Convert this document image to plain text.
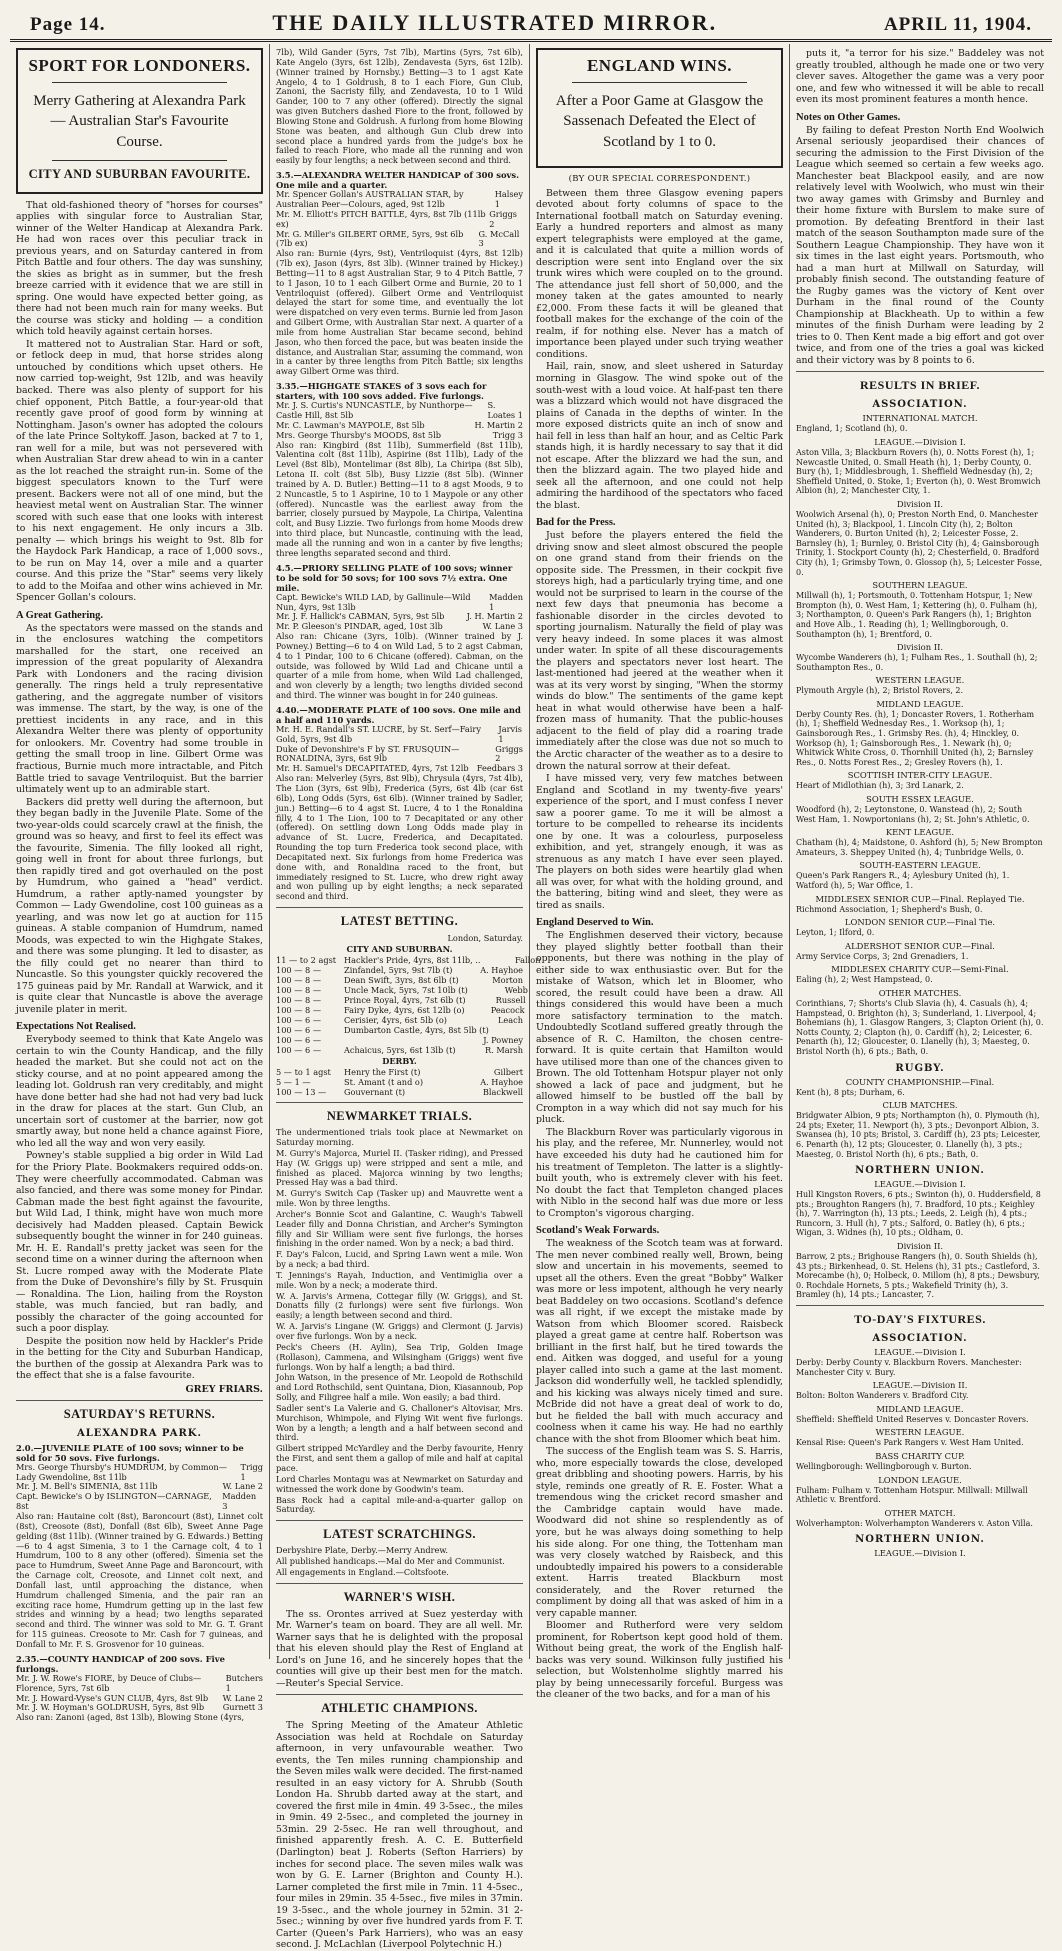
Page 14.	THE DAILY ILLUSTRATED MIRROR.	APRIL 11, 1904.
SPORT FOR LONDONERS.
Merry Gathering at Alexandra Park — Australian Star's Favourite Course.
CITY AND SUBURBAN FAVOURITE.

That old-fashioned theory of "horses for courses" applies with singular force to Australian Star, winner of the Welter Handicap at Alexandra Park. He had won races over this peculiar track in previous years, and on Saturday cantered in from Pitch Battle and four others. The day was sunshiny, the skies as bright as in summer, but the fresh breeze carried with it evidence that we are still in spring. One would have expected better going, as there had not been much rain for many weeks. But the course was sticky and holding — a condition which told heavily against certain horses.

It mattered not to Australian Star. Hard or soft, or fetlock deep in mud, that horse strides along untouched by conditions which upset others. He now carried top-weight, 9st 12lb, and was heavily backed. There was also plenty of support for his chief opponent, Pitch Battle, a four-year-old that recently gave proof of good form by winning at Nottingham. Jason's owner has adopted the colours of the late Prince Soltykoff. Jason, backed at 7 to 1, ran well for a mile, but was not persevered with when Australian Star drew ahead to win in a canter as the lot reached the straight run-in. Some of the biggest speculators known to the Turf were present. Backers were not all of one mind, but the heaviest metal went on Australian Star. The winner scored with such ease that one looks with interest to his next engagement. He only incurs a 3lb. penalty — which brings his weight to 9st. 8lb for the Haydock Park Handicap, a race of 1,000 sovs., to be run on May 14, over a mile and a quarter course. And this prize the "Star" seems very likely to add to the Moifaa and other wins achieved in Mr. Spencer Gollan's colours.

A Great Gathering.

As the spectators were massed on the stands and in the enclosures watching the competitors marshalled for the start, one received an impression of the great popularity of Alexandra Park with Londoners and the racing division generally. The rings held a truly representative gathering, and the aggregate number of visitors was immense. The start, by the way, is one of the prettiest incidents in any race, and in this Alexandra Welter there was plenty of opportunity for onlookers. Mr. Coventry had some trouble in getting the small troop in line. Gilbert Orme was fractious, Burnie much more intractable, and Pitch Battle tried to savage Ventriloquist. But the barrier ultimately went up to an admirable start.

Backers did pretty well during the afternoon, but they began badly in the Juvenile Plate. Some of the two-year-olds could scarcely crawl at the finish, the ground was so heavy, and first to feel its effect was the favourite, Simenia. The filly looked all right, going well in front for about three furlongs, but then rapidly tired and got overhauled on the post by Humdrum, who gained a "head" verdict. Humdrum, a rather aptly-named youngster by Common — Lady Gwendoline, cost 100 guineas as a yearling, and was now let go at auction for 115 guineas. A stable companion of Humdrum, named Moods, was expected to win the Highgate Stakes, and there was some plunging. It led to disaster, as the filly could get no nearer than third to Nuncastle. So this youngster quickly recovered the 175 guineas paid by Mr. Randall at Warwick, and it is quite clear that Nuncastle is above the average juvenile plater in merit.

Expectations Not Realised.

Everybody seemed to think that Kate Angelo was certain to win the County Handicap, and the filly headed the market. But she could not act on the sticky course, and at no point appeared among the leading lot. Goldrush ran very creditably, and might have done better had she had not had very bad luck in the draw for places at the start. Gun Club, an uncertain sort of customer at the barrier, now got smartly away, but none held a chance against Fiore, who led all the way and won very easily.

Powney's stable supplied a big order in Wild Lad for the Priory Plate. Bookmakers required odds-on. They were cheerfully accommodated. Cabman was also fancied, and there was some money for Pindar. Cabman made the best fight against the favourite, but Wild Lad, I think, might have won much more decisively had Madden pleased. Captain Bewick subsequently bought the winner in for 240 guineas. Mr. H. E. Randall's pretty jacket was seen for the second time on a winner during the afternoon when St. Lucre romped away with the Moderate Plate from the Duke of Devonshire's filly by St. Frusquin — Ronaldina. The Lion, hailing from the Royston stable, was much fancied, but ran badly, and possibly the character of the going accounted for such a poor display.

Despite the position now held by Hackler's Pride in the betting for the City and Suburban Handicap, the burthen of the gossip at Alexandra Park was to the effect that she is a false favourite.

GREY FRIARS.

SATURDAY'S RETURNS.
ALEXANDRA PARK.
2.0.—JUVENILE PLATE of 100 sovs; winner to be sold for 50 sovs. Five furlongs.
Mrs. George Thursby's HUMDRUM, by Common—Lady Gwendoline, 8st 11lb
Trigg 1
Mr. J. M. Bell's SIMENIA, 8st 11lb	W. Lane 2
Capt. Bewicke's O by ISLINGTON—CARNAGE, 8st
Madden 3

Also ran: Hautaine colt (8st), Baroncourt (8st), Linnet colt (8st), Creosote (8st), Donfall (8st 6lb), Sweet Anne Page gelding (8st 11lb). (Winner trained by G. Edwards.) Betting—6 to 4 agst Simenia, 3 to 1 the Carnage colt, 4 to 1 Humdrum, 100 to 8 any other (offered). Simenia set the pace to Humdrum, Sweet Anne Page and Baroncourt, with the Carnage colt, Creosote, and Linnet colt next, and Donfall last, until approaching the distance, when Humdrum challenged Simenia, and the pair ran an exciting race home, Humdrum getting up in the last few strides and winning by a head; two lengths separated second and third. The winner was sold to Mr. G. T. Grant for 115 guineas. Creosote to Mr. Cash for 7 guineas, and Donfall to Mr. F. S. Grosvenor for 10 guineas.

2.35.—COUNTY HANDICAP of 200 sovs. Five furlongs.
Mr. J. W. Rowe's FIORE, by Deuce of Clubs—Florence, 5yrs, 7st 6lb
Butchers 1
Mr. J. Howard-Vyse's GUN CLUB, 4yrs, 8st 9lb W. Lane 2
Mr. J. W. Hoyman's GOLDRUSH, 5yrs, 8st 9lb Gurnett 3

Also ran: Zanoni (aged, 8st 13lb), Blowing Stone (4yrs,

7lb), Wild Gander (5yrs, 7st 7lb), Martins (5yrs, 7st 6lb), Kate Angelo (3yrs, 6st 12lb), Zendavesta (5yrs, 6st 12lb). (Winner trained by Hornsby.) Betting—3 to 1 agst Kate Angelo, 4 to 1 Goldrush, 8 to 1 each Fiore, Gun Club, Zanoni, the Sacristy filly, and Zendavesta, 10 to 1 Wild Gander, 100 to 7 any other (offered). Directly the signal was given Butchers dashed Fiore to the front, followed by Blowing Stone and Goldrush. A furlong from home Blowing Stone was beaten, and although Gun Club drew into second place a hundred yards from the judge's box he failed to reach Fiore, who made all the running and won easily by four lengths; a neck between second and third.

3.5.—ALEXANDRA WELTER HANDICAP of 300 sovs. One mile and a quarter.
Mr. Spencer Gollan's AUSTRALIAN STAR, by Australian Peer—Colours, aged, 9st 12lb
Halsey 1
Mr. M. Elliott's PITCH BATTLE, 4yrs, 8st 7lb (11lb ex)
Griggs 2
Mr. G. Miller's GILBERT ORME, 5yrs, 9st 6lb (7lb ex)
G. McCall 3

Also ran: Burnie (4yrs, 9st), Ventriloquist (4yrs, 8st 12lb) (7lb ex), Jason (4yrs, 8st 3lb). (Winner trained by Hickey.) Betting—11 to 8 agst Australian Star, 9 to 4 Pitch Battle, 7 to 1 Jason, 10 to 1 each Gilbert Orme and Burnie, 20 to 1 Ventriloquist (offered). Gilbert Orme and Ventriloquist delayed the start for some time, and eventually the lot were dispatched on very even terms. Burnie led from Jason and Gilbert Orme, with Australian Star next. A quarter of a mile from home Australian Star became second, behind Jason, who then forced the pace, but was beaten inside the distance, and Australian Star, assuming the command, won in a canter by three lengths from Pitch Battle; six lengths away Gilbert Orme was third.

3.35.—HIGHGATE STAKES of 3 sovs each for starters, with 100 sovs added. Five furlongs.
Mr. J. S. Curtis's NUNCASTLE, by Nunthorpe—Castle Hill, 8st 5lb
S. Loates 1
Mr. C. Lawman's MAYPOLE, 8st 5lb	H. Martin 2
Mrs. George Thursby's MOODS, 8st 5lb	Trigg 3

Also ran: Kingbird (8st 11lb), Summerfield (8st 11lb), Valentina colt (8st 11lb), Aspirine (8st 11lb), Lady of the Level (8st 8lb), Montelimar (8st 8lb), La Chiripa (8st 5lb), Letona II. colt (8st 5lb), Busy Lizzie (8st 5lb). (Winner trained by A. D. Butler.) Betting—11 to 8 agst Moods, 9 to 2 Nuncastle, 5 to 1 Aspirine, 10 to 1 Maypole or any other (offered). Nuncastle was the earliest away from the barrier, closely pursued by Maypole, La Chiripa, Valentina colt, and Busy Lizzie. Two furlongs from home Moods drew into third place, but Nuncastle, continuing with the lead, made all the running and won in a canter by five lengths; three lengths separated second and third.

4.5.—PRIORY SELLING PLATE of 100 sovs; winner to be sold for 50 sovs; for 100 sovs 7½ extra. One mile.
Capt. Bewicke's WILD LAD, by Gallinule—Wild Nun, 4yrs, 9st 13lb
Madden 1
Mr. J. F. Hallick's CABMAN, 5yrs, 9st 5lb	J. H. Martin 2
Mr. P. Gleeson's PINDAR, aged, 10st 3lb	W. Lane 3

Also ran: Chicane (3yrs, 10lb). (Winner trained by J. Powney.) Betting—6 to 4 on Wild Lad, 5 to 2 agst Cabman, 4 to 1 Pindar, 100 to 6 Chicane (offered). Cabman, on the outside, was followed by Wild Lad and Chicane until a quarter of a mile from home, when Wild Lad challenged, and won cleverly by a length; two lengths divided second and third. The winner was bought in for 240 guineas.

4.40.—MODERATE PLATE of 100 sovs. One mile and a half and 110 yards.
Mr. H. E. Randall's ST. LUCRE, by St. Serf—Fairy Gold, 5yrs, 9st 4lb
Jarvis 1
Duke of Devonshire's F by ST. FRUSQUIN—RONALDINA, 3yrs, 6st 9lb
Griggs 2
Mr. H. Samuel's DECAPITATED, 4yrs, 7st 12lb Feedbars 3

Also ran: Melverley (5yrs, 8st 9lb), Chrysula (4yrs, 7st 4lb), The Lion (3yrs, 6st 9lb), Frederica (5yrs, 6st 4lb (car 6st 6lb), Long Odds (5yrs, 6st 6lb). (Winner trained by Sadler, jun.) Betting—6 to 4 agst St. Lucre, 4 to 1 the Ronaldina filly, 4 to 1 The Lion, 100 to 7 Decapitated or any other (offered). On settling down Long Odds made play in advance of St. Lucre, Frederica, and Decapitated. Rounding the top turn Frederica took second place, with Decapitated next. Six furlongs from home Frederica was done with, and Ronaldina raced to the front, but immediately resigned to St. Lucre, who drew right away and won pulling up by eight lengths; a neck separated second and third.

LATEST BETTING.
London, Saturday.
CITY AND SUBURBAN.
11 — to 2 agst Hackler's Pride, 4yrs, 8st 11lb, ..	Fallon
100 — 8 —	Zinfandel, 5yrs, 9st 7lb (t)	A. Hayhoe
100 — 8 —	Dean Swift, 3yrs, 8st 6lb (t)	Morton
100 — 8 —	Uncle Mack, 5yrs, 7st 10lb (t)	Webb
100 — 8 —	Prince Royal, 4yrs, 7st 6lb (t)	Russell
100 — 8 —	Fairy Dyke, 4yrs, 6st 12lb (o)	Peacock
100 — 6 —	Cerisier, 4yrs, 6st 5lb (o)	Leach
100 — 6 —	Dumbarton Castle, 4yrs, 8st 5lb (t)
100 — 6 —	J. Powney
100 — 6 —	Achaicus, 5yrs, 6st 13lb (t)	R. Marsh
DERBY.
5 — to 1 agst	Henry the First (t)	Gilbert
5 — 1 —	St. Amant (t and o)	A. Hayhoe
100 — 13 —	Gouvernant (t)	Blackwell
NEWMARKET TRIALS.

The undermentioned trials took place at Newmarket on Saturday morning.

M. Gurry's Majorca, Muriel II. (Tasker riding), and Pressed Hay (W. Griggs up) were stripped and sent a mile, and finished as placed. Majorca winning by two lengths; Pressed Hay was a bad third.

M. Gurry's Switch Cap (Tasker up) and Mauvrette went a mile. Won by three lengths.

Archer's Bonnie Scot and Galantine, C. Waugh's Tabwell Leader filly and Donna Christian, and Archer's Symington filly and Sir William were sent five furlongs, the horses finishing in the order named. Won by a neck; a bad third.

F. Day's Falcon, Lucid, and Spring Lawn went a mile. Won by a neck; a bad third.

T. Jennings's Rayah, Induction, and Ventimiglia over a mile. Won by a neck; a moderate third.

W. A. Jarvis's Armena, Cottegar filly (W. Griggs), and St. Donatts filly (2 furlongs) were sent five furlongs. Won easily; a length between second and third.

W. A. Jarvis's Lingane (W. Griggs) and Clermont (J. Jarvis) over five furlongs. Won by a neck.

Peck's Cheers (H. Aylin), Sea Trip, Golden Image (Rollason), Cammena, and Wilsingham (Griggs) went five furlongs. Won by half a length; a bad third.

John Watson, in the presence of Mr. Leopold de Rothschild and Lord Rothschild, sent Quintana, Dion, Kiasannoub, Pop Solly, and Filigree half a mile. Won easily; a bad third.

Sadler sent's La Valerie and G. Challoner's Altovisar, Mrs. Murchison, Whimpole, and Flying Wit went five furlongs. Won by a length; a length and a half between second and third.

Gilbert stripped McYardley and the Derby favourite, Henry the First, and sent them a gallop of mile and half at capital pace.

Lord Charles Montagu was at Newmarket on Saturday and witnessed the work done by Goodwin's team.

Bass Rock had a capital mile-and-a-quarter gallop on Saturday.

LATEST SCRATCHINGS.

Derbyshire Plate, Derby.—Merry Andrew.

All published handicaps.—Mal do Mer and Communist.

All engagements in England.—Coltsfoote.

WARNER'S WISH.

The ss. Orontes arrived at Suez yesterday with Mr. Warner's team on board. They are all well. Mr. Warner says that he is delighted with the proposal that his eleven should play the Rest of England at Lord's on June 16, and he sincerely hopes that the counties will give up their best men for the match.—Reuter's Special Service.

ATHLETIC CHAMPIONS.

The Spring Meeting of the Amateur Athletic Association was held at Rochdale on Saturday afternoon, in very unfavourable weather. Two events, the Ten miles running championship and the Seven miles walk were decided. The first-named resulted in an easy victory for A. Shrubb (South London Ha. Shrubb darted away at the start, and covered the first mile in 4min. 49 3-5sec., the miles in 9min. 49 2-5sec., and completed the journey in 53min. 29 2-5sec. He ran well throughout, and finished apparently fresh. A. C. E. Butterfield (Darlington) beat J. Roberts (Sefton Harriers) by inches for second place. The seven miles walk was won by G. E. Larner (Brighton and County H.). Larner completed the first mile in 7min. 11 4-5sec., four miles in 29min. 35 4-5sec., five miles in 37min. 19 3-5sec., and the whole journey in 52min. 31 2-5sec.; winning by over five hundred yards from F. T. Carter (Queen's Park Harriers), who was an easy second. J. McLachlan (Liverpool Polytechnic H.)

ENGLAND WINS.
After a Poor Game at Glasgow the Sassenach Defeated the Elect of Scotland by 1 to 0.

(BY OUR SPECIAL CORRESPONDENT.)

Between them three Glasgow evening papers devoted about forty columns of space to the International football match on Saturday evening. Early a hundred reporters and almost as many expert telegraphists were employed at the game, and it is calculated that quite a million words of description were sent into England over the six trunk wires which were coupled on to the ground. The attendance just fell short of 50,000, and the money taken at the gates amounted to nearly £2,000. From these facts it will be gleaned that football makes for the exchange of the coin of the realm, if for nothing else. Never has a match of importance been played under such trying weather conditions.

Hail, rain, snow, and sleet ushered in Saturday morning in Glasgow. The wind spoke out of the south-west with a loud voice. At half-past ten there was a blizzard which would not have disgraced the plains of Canada in the depths of winter. In the more exposed districts quite an inch of snow and hail fell in less than half an hour, and as Celtic Park stands high, it is hardly necessary to say that it did not escape. After the blizzard we had the sun, and then the blizzard again. The two played hide and seek all the afternoon, and one could not help admiring the hardihood of the spectators who faced the blast.

Bad for the Press.

Just before the players entered the field the driving snow and sleet almost obscured the people on one grand stand from their friends on the opposite side. The Pressmen, in their cockpit five storeys high, had a particularly trying time, and one would not be surprised to learn in the course of the next few days that pneumonia has become a fashionable disorder in the circles devoted to sporting journalism. Naturally the field of play was very heavy indeed. In some places it was almost under water. In spite of all these discouragements the players and spectators never lost heart. The last-mentioned had jeered at the weather when it was at its very worst by singing, "When the stormy winds do blow." The sentiments of the game kept heat in what would otherwise have been a half-frozen mass of humanity. That the public-houses adjacent to the field of play did a roaring trade immediately after the close was due not so much to the Arctic character of the weather as to a desire to drown the natural sorrow at their defeat.

I have missed very, very few matches between England and Scotland in my twenty-five years' experience of the sport, and I must confess I never saw a poorer game. To me it will be almost a torture to be compelled to rehearse its incidents one by one. It was a colourless, purposeless exhibition, and yet, strangely enough, it was as strenuous as any match I have ever seen played. The players on both sides were heartily glad when all was over, for what with the holding ground, and the battering, biting wind and sleet, they were as tired as snails.

England Deserved to Win.

The Englishmen deserved their victory, because they played slightly better football than their opponents, but there was nothing in the play of either side to wax enthusiastic over. But for the mistake of Watson, which let in Bloomer, who scored, the result could have been a draw. All things considered this would have been a much more satisfactory termination to the match. Undoubtedly Scotland suffered greatly through the absence of R. C. Hamilton, the chosen centre-forward. It is quite certain that Hamilton would have utilised more than one of the chances given to Brown. The old Tottenham Hotspur player not only showed a lack of pace and judgment, but he allowed himself to be bustled off the ball by Crompton in a way which did not say much for his pluck.

The Blackburn Rover was particularly vigorous in his play, and the referee, Mr. Nunnerley, would not have exceeded his duty had he cautioned him for his treatment of Templeton. The latter is a slightly-built youth, who is extremely clever with his feet. No doubt the fact that Templeton changed places with Niblo in the second half was due more or less to Crompton's vigorous charging.

Scotland's Weak Forwards.

The weakness of the Scotch team was at forward. The men never combined really well, Brown, being slow and uncertain in his movements, seemed to upset all the others. Even the great "Bobby" Walker was more or less impotent, although he very nearly beat Baddeley on two occasions. Scotland's defence was all right, if we except the mistake made by Watson from which Bloomer scored. Raisbeck played a great game at centre half. Robertson was brilliant in the first half, but he tired towards the end. Aitken was dogged, and useful for a young player called into such a game at the last moment. Jackson did wonderfully well, he tackled splendidly, and his kicking was always nicely timed and sure. McBride did not have a great deal of work to do, but he fielded the ball with much accuracy and coolness when it came his way. He had no earthly chance with the shot from Bloomer which beat him.

The success of the English team was S. S. Harris, who, more especially towards the close, developed great dribbling and shooting powers. Harris, by his style, reminds one greatly of R. E. Foster. What a tremendous wing the cricket record smasher and the Cambridge captain would have made. Woodward did not shine so resplendently as of yore, but he was always doing something to help his side along. For one thing, the Tottenham man was very closely watched by Raisbeck, and this undoubtedly impaired his powers to a considerable extent. Harris treated Blackburn most considerately, and the Rover returned the compliment by doing all that was asked of him in a very capable manner.

Bloomer and Rutherford were very seldom prominent, for Robertson kept good hold of them. Without being great, the work of the English half-backs was very sound. Wilkinson fully justified his selection, but Wolstenholme slightly marred his play by being unnecessarily forceful. Burgess was the cleaner of the two backs, and for a man of his

puts it, "a terror for his size." Baddeley was not greatly troubled, although he made one or two very clever saves. Altogether the game was a very poor one, and few who witnessed it will be able to recall even its most prominent features a month hence.

Notes on Other Games.

By failing to defeat Preston North End Woolwich Arsenal seriously jeopardised their chances of securing the admission to the First Division of the League which seemed so certain a few weeks ago. Manchester beat Blackpool easily, and are now relatively level with Woolwich, who must win their two away games with Grimsby and Burnley and their home fixture with Burslem to make sure of promotion. By defeating Brentford in their last match of the season Southampton made sure of the Southern League Championship. They have won it six times in the last eight years. Portsmouth, who had a man hurt at Millwall on Saturday, will probably finish second. The outstanding feature of the Rugby games was the victory of Kent over Durham in the final round of the County Championship at Blackheath. Up to within a few minutes of the finish Durham were leading by 2 tries to 0. Then Kent made a big effort and got over twice, and from one of the tries a goal was kicked and their victory was by 8 points to 6.

RESULTS IN BRIEF.
ASSOCIATION.
INTERNATIONAL MATCH.

England, 1; Scotland (h), 0.

LEAGUE.—Division I.

Aston Villa, 3; Blackburn Rovers (h), 0. Notts Forest (h), 1; Newcastle United, 0. Small Heath (h), 1; Derby County, 0. Bury (h), 1; Middlesbrough, 1. Sheffield Wednesday (h), 2; Sheffield United, 0. Stoke, 1; Everton (h), 0. West Bromwich Albion (h), 2; Manchester City, 1.

Division II.

Woolwich Arsenal (h), 0; Preston North End, 0. Manchester United (h), 3; Blackpool, 1. Lincoln City (h), 2; Bolton Wanderers, 0. Burton United (h), 2; Leicester Fosse, 2. Barnsley (h), 1; Burnley, 0. Bristol City (h), 4; Gainsborough Trinity, 1. Stockport County (h), 2; Chesterfield, 0. Bradford City (h), 1; Grimsby Town, 0. Glossop (h), 5; Leicester Fosse, 0.

SOUTHERN LEAGUE.

Millwall (h), 1; Portsmouth, 0. Tottenham Hotspur, 1; New Brompton (h), 0. West Ham, 1; Kettering (h), 0. Fulham (h), 3; Northampton, 0. Queen's Park Rangers (h), 1; Brighton and Hove Alb., 1. Reading (h), 1; Wellingborough, 0. Southampton (h), 1; Brentford, 0.

Division II.

Wycombe Wanderers (h), 1; Fulham Res., 1. Southall (h), 2; Southampton Res., 0.

WESTERN LEAGUE.

Plymouth Argyle (h), 2; Bristol Rovers, 2.

MIDLAND LEAGUE.

Derby County Res. (h), 1; Doncaster Rovers, 1. Rotherham (h), 1; Sheffield Wednesday Res., 1. Worksop (h), 1; Gainsborough Res., 1. Grimsby Res. (h), 4; Hinckley, 0. Worksop (h), 1; Gainsborough Res., 1. Newark (h), 0; Whitwick White Cross, 0. Thornhill United (h), 2; Barnsley Res., 0. Notts Forest Res., 2; Gresley Rovers (h), 1.

SCOTTISH INTER-CITY LEAGUE.

Heart of Midlothian (h), 3; 3rd Lanark, 2.

SOUTH ESSEX LEAGUE.

Woodford (h), 2; Leytonstone, 0. Wanstead (h), 2; South West Ham, 1. Nowportonians (h), 2; St. John's Athletic, 0.

KENT LEAGUE.

Chatham (h), 4; Maidstone, 0. Ashford (h), 5; New Brompton Amateurs, 3. Sheppey United (h), 4; Tunbridge Wells, 0.

SOUTH-EASTERN LEAGUE.

Queen's Park Rangers R., 4; Aylesbury United (h), 1. Watford (h), 5; War Office, 1.

MIDDLESEX SENIOR CUP.—Final. Replayed Tie.

Richmond Association, 1; Shepherd's Bush, 0.

LONDON SENIOR CUP.—Final Tie.

Leyton, 1; Ilford, 0.

ALDERSHOT SENIOR CUP.—Final.

Army Service Corps, 3; 2nd Grenadiers, 1.

MIDDLESEX CHARITY CUP.—Semi-Final.

Ealing (h), 2; West Hampstead, 0.

OTHER MATCHES.

Corinthians, 7; Shorts's Club Slavia (h), 4. Casuals (h), 4; Hampstead, 0. Brighton (h), 3; Sunderland, 1. Liverpool, 4; Bohemians (h), 1. Glasgow Rangers, 3; Clapton Orient (h), 0. Notts County, 2; Clapton (h), 0. Cardiff (h), 2; Leicester, 6. Penarth (h), 12; Gloucester, 0. Llanelly (h), 3; Maesteg, 0. Bristol North (h), 6 pts.; Bath, 0.

RUGBY.
COUNTY CHAMPIONSHIP.—Final.

Kent (h), 8 pts; Durham, 6.

CLUB MATCHES.

Bridgwater Albion, 9 pts; Northampton (h), 0. Plymouth (h), 24 pts; Exeter, 11. Newport (h), 3 pts.; Devonport Albion, 3. Swansea (h), 10 pts; Bristol, 3. Cardiff (h), 23 pts; Leicester, 6. Penarth (h), 12 pts; Gloucester, 0. Llanelly (h), 3 pts.; Maesteg, 0. Bristol North (h), 6 pts.; Bath, 0.

NORTHERN UNION.
LEAGUE.—Division I.

Hull Kingston Rovers, 6 pts.; Swinton (h), 0. Huddersfield, 8 pts.; Broughton Rangers (h), 7. Bradford, 10 pts.; Keighley (h), 7. Warrington (h), 13 pts.; Leeds, 2. Leigh (h), 4 pts.; Runcorn, 3. Hull (h), 7 pts.; Salford, 0. Batley (h), 6 pts.; Wigan, 3. Widnes (h), 10 pts.; Oldham, 0.

Division II.

Barrow, 2 pts.; Brighouse Rangers (h), 0. South Shields (h), 43 pts.; Birkenhead, 0. St. Helens (h), 31 pts.; Castleford, 3. Morecambe (h), 0; Holbeck, 0. Millom (h), 8 pts.; Dewsbury, 0. Rochdale Hornets, 5 pts.; Wakefield Trinity (h), 3. Bramley (h), 14 pts.; Lancaster, 7.

TO-DAY'S FIXTURES.
ASSOCIATION.
LEAGUE.—Division I.

Derby: Derby County v. Blackburn Rovers. Manchester: Manchester City v. Bury.

LEAGUE.—Division II.

Bolton: Bolton Wanderers v. Bradford City.

MIDLAND LEAGUE.

Sheffield: Sheffield United Reserves v. Doncaster Rovers.

WESTERN LEAGUE.

Kensal Rise: Queen's Park Rangers v. West Ham United.

BASS CHARITY CUP.

Wellingborough: Wellingborough v. Burton.

LONDON LEAGUE.

Fulham: Fulham v. Tottenham Hotspur. Millwall: Millwall Athletic v. Brentford.

OTHER MATCH.

Wolverhampton: Wolverhampton Wanderers v. Aston Villa.

NORTHERN UNION.
LEAGUE.—Division I.
